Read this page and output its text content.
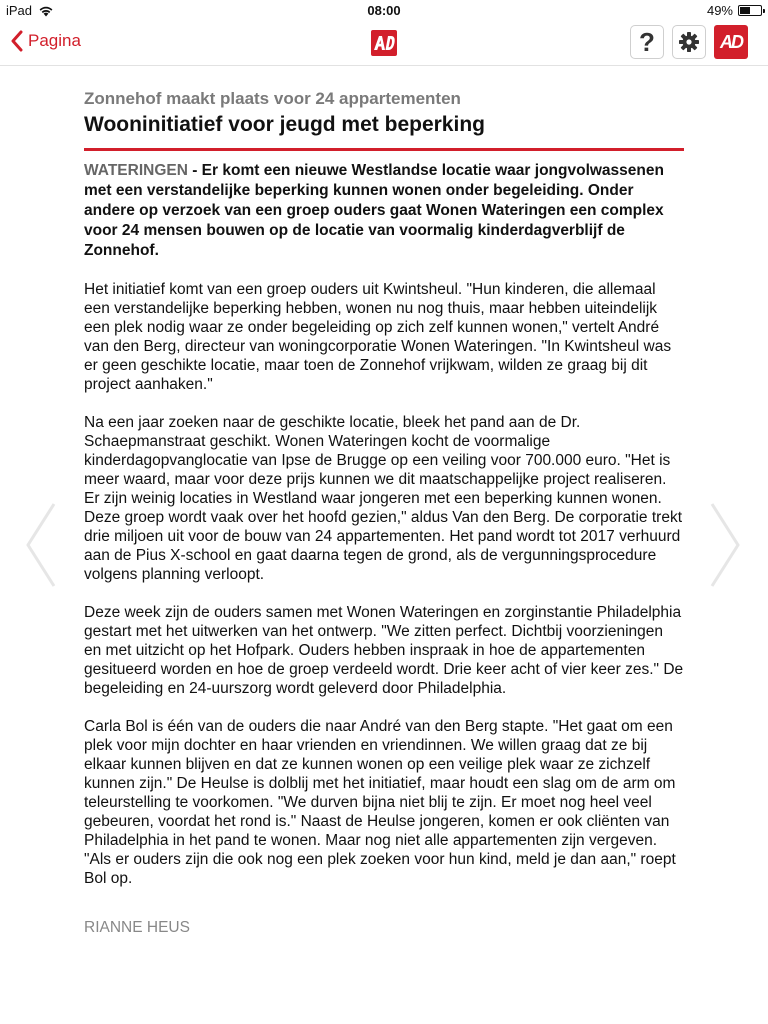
iPad	08:00	49%
Pagina	?	AD
Zonnehof maakt plaats voor 24 appartementen
Wooninitiatief voor jeugd met beperking

WATERINGEN - Er komt een nieuwe Westlandse locatie waar jongvolwassenen met een verstandelijke beperking kunnen wonen onder begeleiding. Onder andere op verzoek van een groep ouders gaat Wonen Wateringen een complex voor 24 mensen bouwen op de locatie van voormalig kinderdagverblijf de Zonnehof.

Het initiatief komt van een groep ouders uit Kwintsheul. "Hun kinderen, die allemaal een verstandelijke beperking hebben, wonen nu nog thuis, maar hebben uiteindelijk een plek nodig waar ze onder begeleiding op zich zelf kunnen wonen," vertelt André van den Berg, directeur van woningcorporatie Wonen Wateringen. "In Kwintsheul was er geen geschikte locatie, maar toen de Zonnehof vrijkwam, wilden ze graag bij dit project aanhaken."

Na een jaar zoeken naar de geschikte locatie, bleek het pand aan de Dr. Schaepmanstraat geschikt. Wonen Wateringen kocht de voormalige kinderdagopvanglocatie van Ipse de Brugge op een veiling voor 700.000 euro. "Het is meer waard, maar voor deze prijs kunnen we dit maatschappelijke project realiseren. Er zijn weinig locaties in Westland waar jongeren met een beperking kunnen wonen. Deze groep wordt vaak over het hoofd gezien," aldus Van den Berg. De corporatie trekt drie miljoen uit voor de bouw van 24 appartementen. Het pand wordt tot 2017 verhuurd aan de Pius X-school en gaat daarna tegen de grond, als de vergunningsprocedure volgens planning verloopt.

Deze week zijn de ouders samen met Wonen Wateringen en zorginstantie Philadelphia gestart met het uitwerken van het ontwerp. "We zitten perfect. Dichtbij voorzieningen en met uitzicht op het Hofpark. Ouders hebben inspraak in hoe de appartementen gesitueerd worden en hoe de groep verdeeld wordt. Drie keer acht of vier keer zes." De begeleiding en 24-uurszorg wordt geleverd door Philadelphia.

Carla Bol is één van de ouders die naar André van den Berg stapte. "Het gaat om een plek voor mijn dochter en haar vrienden en vriendinnen. We willen graag dat ze bij elkaar kunnen blijven en dat ze kunnen wonen op een veilige plek waar ze zichzelf kunnen zijn." De Heulse is dolblij met het initiatief, maar houdt een slag om de arm om teleurstelling te voorkomen. "We durven bijna niet blij te zijn. Er moet nog heel veel gebeuren, voordat het rond is." Naast de Heulse jongeren, komen er ook cliënten van Philadelphia in het pand te wonen. Maar nog niet alle appartementen zijn vergeven. "Als er ouders zijn die ook nog een plek zoeken voor hun kind, meld je dan aan," roept Bol op.

RIANNE HEUS
